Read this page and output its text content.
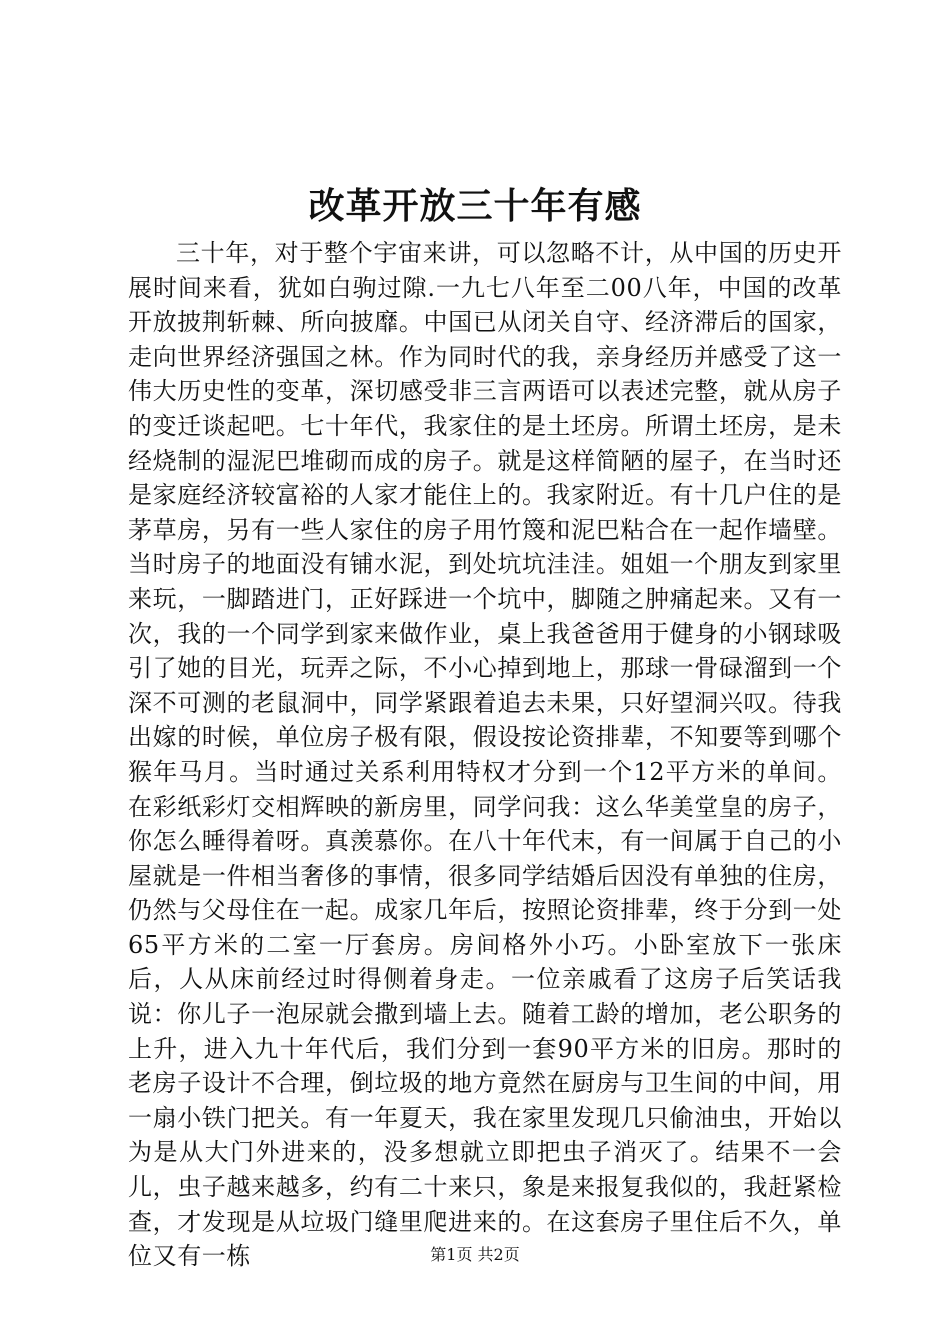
改革开放三十年有感

三十年，对于整个宇宙来讲，可以忽略不计，从中国的历史开展时间来看，犹如白驹过隙.一九七八年至二00八年，中国的改革开放披荆斩棘、所向披靡。中国已从闭关自守、经济滞后的国家，走向世界经济强国之林。作为同时代的我，亲身经历并感受了这一伟大历史性的变革，深切感受非三言两语可以表述完整，就从房子的变迁谈起吧。七十年代，我家住的是土坯房。所谓土坯房，是未经烧制的湿泥巴堆砌而成的房子。就是这样简陋的屋子，在当时还是家庭经济较富裕的人家才能住上的。我家附近。有十几户住的是茅草房，另有一些人家住的房子用竹篾和泥巴粘合在一起作墙壁。当时房子的地面没有铺水泥，到处坑坑洼洼。姐姐一个朋友到家里来玩，一脚踏进门，正好踩进一个坑中，脚随之肿痛起来。又有一次，我的一个同学到家来做作业，桌上我爸爸用于健身的小钢球吸引了她的目光，玩弄之际，不小心掉到地上，那球一骨碌溜到一个深不可测的老鼠洞中，同学紧跟着追去未果，只好望洞兴叹。待我出嫁的时候，单位房子极有限，假设按论资排辈，不知要等到哪个猴年马月。当时通过关系利用特权才分到一个12平方米的单间。在彩纸彩灯交相辉映的新房里，同学问我：这么华美堂皇的房子，你怎么睡得着呀。真羡慕你。在八十年代末，有一间属于自己的小屋就是一件相当奢侈的事情，很多同学结婚后因没有单独的住房，仍然与父母住在一起。成家几年后，按照论资排辈，终于分到一处65平方米的二室一厅套房。房间格外小巧。小卧室放下一张床后，人从床前经过时得侧着身走。一位亲戚看了这房子后笑话我说：你儿子一泡尿就会撒到墙上去。随着工龄的增加，老公职务的上升，进入九十年代后，我们分到一套90平方米的旧房。那时的老房子设计不合理，倒垃圾的地方竟然在厨房与卫生间的中间，用一扇小铁门把关。有一年夏天，我在家里发现几只偷油虫，开始以为是从大门外进来的，没多想就立即把虫子消灭了。结果不一会儿，虫子越来越多，约有二十来只，象是来报复我似的，我赶紧检查，才发现是从垃圾门缝里爬进来的。在这套房子里住后不久，单位又有一栋	第1页 共2页
